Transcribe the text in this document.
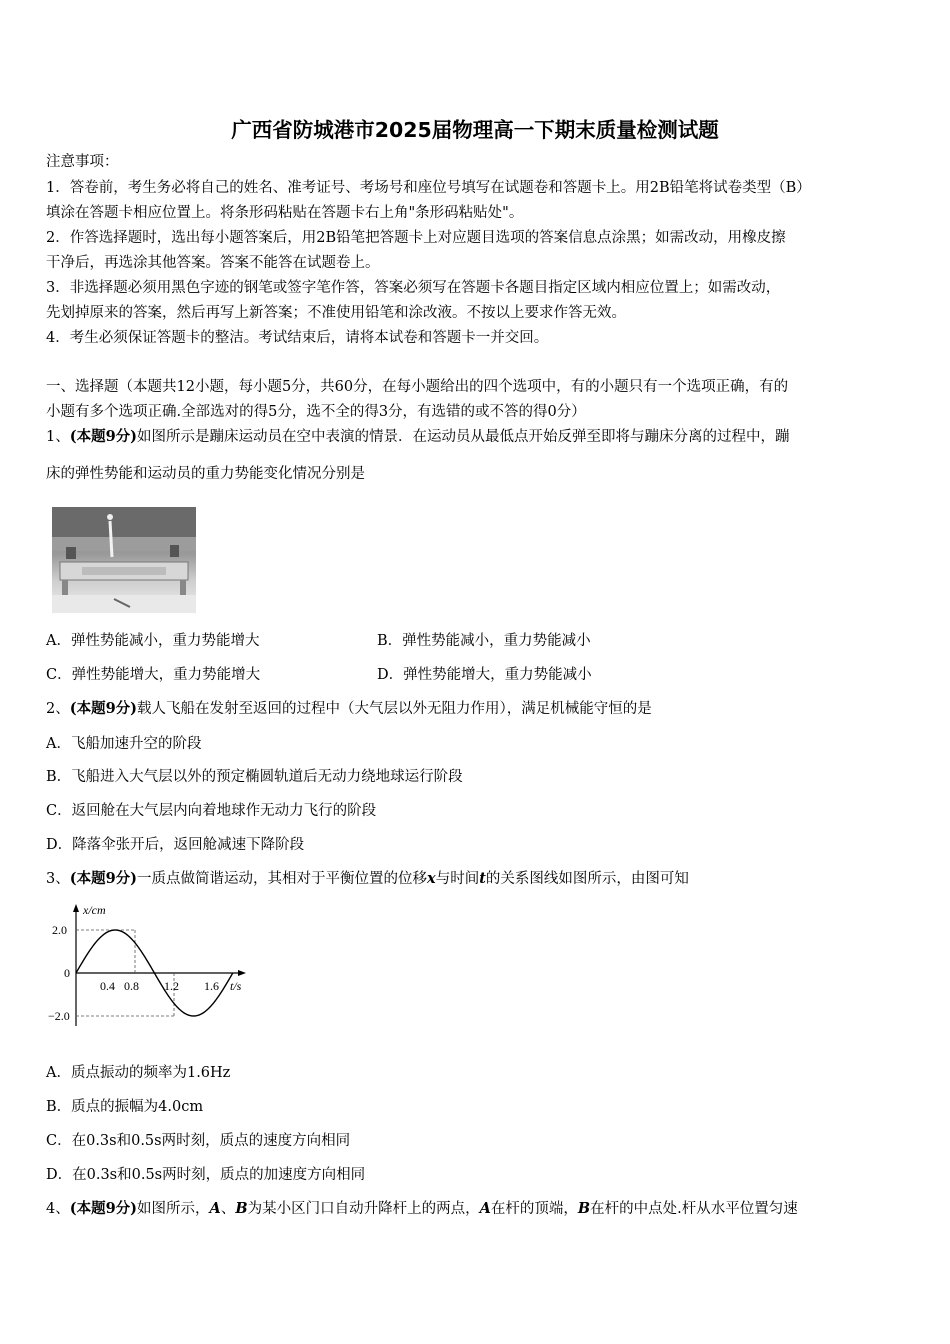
广西省防城港市2025届物理高一下期末质量检测试题
注意事项：
1．答卷前，考生务必将自己的姓名、准考证号、考场号和座位号填写在试题卷和答题卡上。用2B铅笔将试卷类型（B）
填涂在答题卡相应位置上。将条形码粘贴在答题卡右上角"条形码粘贴处"。
2．作答选择题时，选出每小题答案后，用2B铅笔把答题卡上对应题目选项的答案信息点涂黑；如需改动，用橡皮擦
干净后，再选涂其他答案。答案不能答在试题卷上。
3．非选择题必须用黑色字迹的钢笔或签字笔作答，答案必须写在答题卡各题目指定区域内相应位置上；如需改动，
先划掉原来的答案，然后再写上新答案；不准使用铅笔和涂改液。不按以上要求作答无效。
4．考生必须保证答题卡的整洁。考试结束后，请将本试卷和答题卡一并交回。
一、选择题（本题共12小题，每小题5分，共60分，在每小题给出的四个选项中，有的小题只有一个选项正确，有的
小题有多个选项正确.全部选对的得5分，选不全的得3分，有选错的或不答的得0分）
1、(本题9分)如图所示是蹦床运动员在空中表演的情景．在运动员从最低点开始反弹至即将与蹦床分离的过程中，蹦
床的弹性势能和运动员的重力势能变化情况分别是
A．弹性势能减小，重力势能增大	B．弹性势能减小，重力势能减小
C．弹性势能增大，重力势能增大	D．弹性势能增大，重力势能减小
2、(本题9分)载人飞船在发射至返回的过程中（大气层以外无阻力作用），满足机械能守恒的是
A．飞船加速升空的阶段
B．飞船进入大气层以外的预定椭圆轨道后无动力绕地球运行阶段
C．返回舱在大气层内向着地球作无动力飞行的阶段
D．降落伞张开后，返回舱减速下降阶段
3、(本题9分)一质点做简谐运动，其相对于平衡位置的位移x与时间t的关系图线如图所示，由图可知
x/cm
2.0
0
−2.0
0.4 0.8 1.2 1.6 t/s
A．质点振动的频率为1.6Hz
B．质点的振幅为4.0cm
C．在0.3s和0.5s两时刻，质点的速度方向相同
D．在0.3s和0.5s两时刻，质点的加速度方向相同
4、(本题9分)如图所示，A、B为某小区门口自动升降杆上的两点，A在杆的顶端，B在杆的中点处.杆从水平位置匀速
